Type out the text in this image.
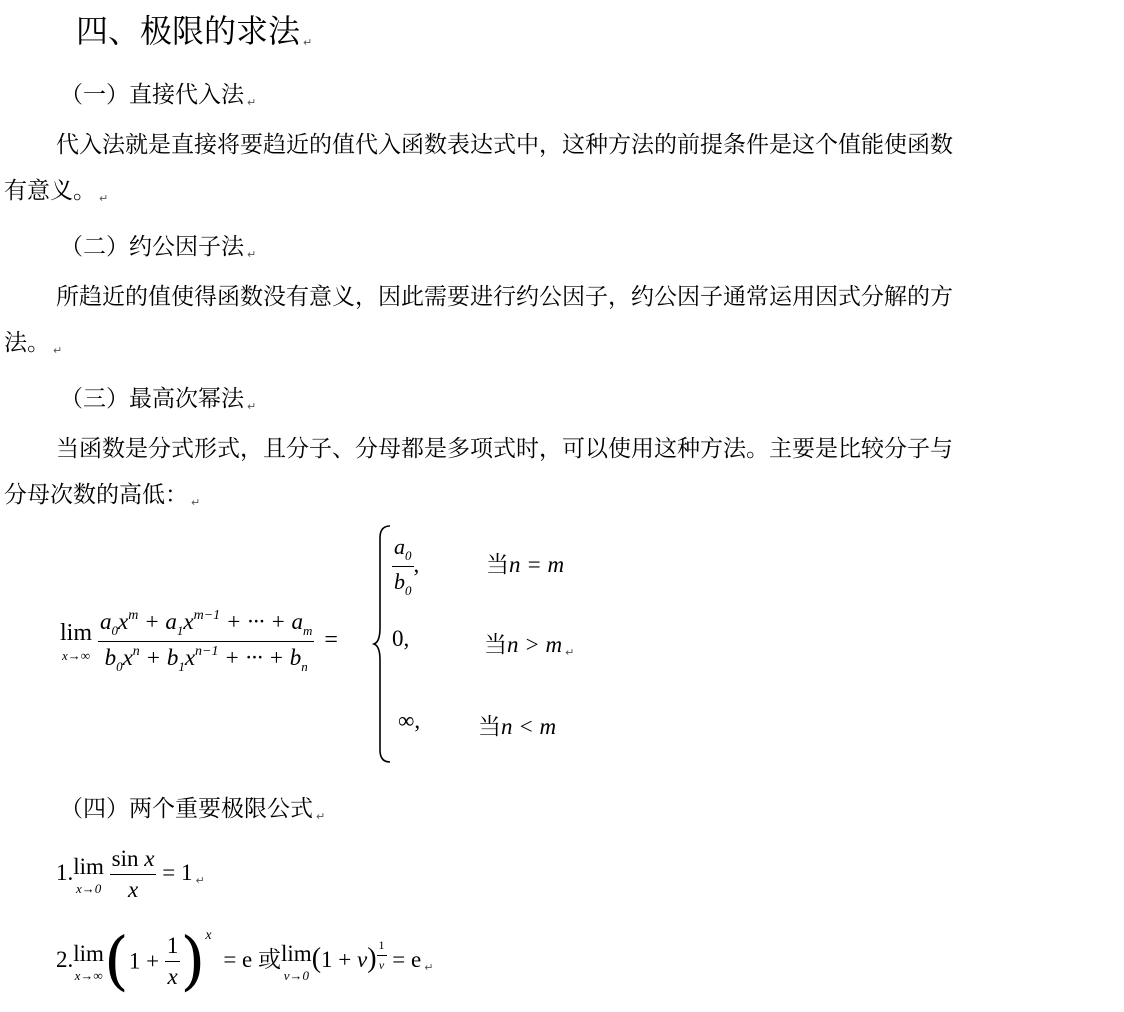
四、极限的求法 ↵
（一）直接代入法 ↵
代入法就是直接将要趋近的值代入函数表达式中，这种方法的前提条件是这个值能使函数
有意义。 ↵
（二）约公因子法 ↵
所趋近的值使得函数没有意义，因此需要进行约公因子，约公因子通常运用因式分解的方
法。 ↵
（三）最高次幂法 ↵
当函数是分式形式，且分子、分母都是多项式时，可以使用这种方法。主要是比较分子与
分母次数的高低： ↵
lim
x→∞
$\frac{a_0x^m + a_1x^{m-1} + \cdot\cdot\cdot + a_m}{b_0x^n + b_1x^{n-1} + \cdot\cdot\cdot + b_n}$ =
$\frac{a_0}{b_0}$ ,	当n = m
0,	当n > m ↵
∞,	当n < m
（四）两个重要极限公式 ↵
1. lim
x→0
$\frac{\text{sin x}}{x} = 1$ ↵
2. lim
x→∞ $(1 + \frac{1}{x} )^x = e$ 或 lim
v→0
$(1 + v) \frac{1}{v} = e$ ↵
